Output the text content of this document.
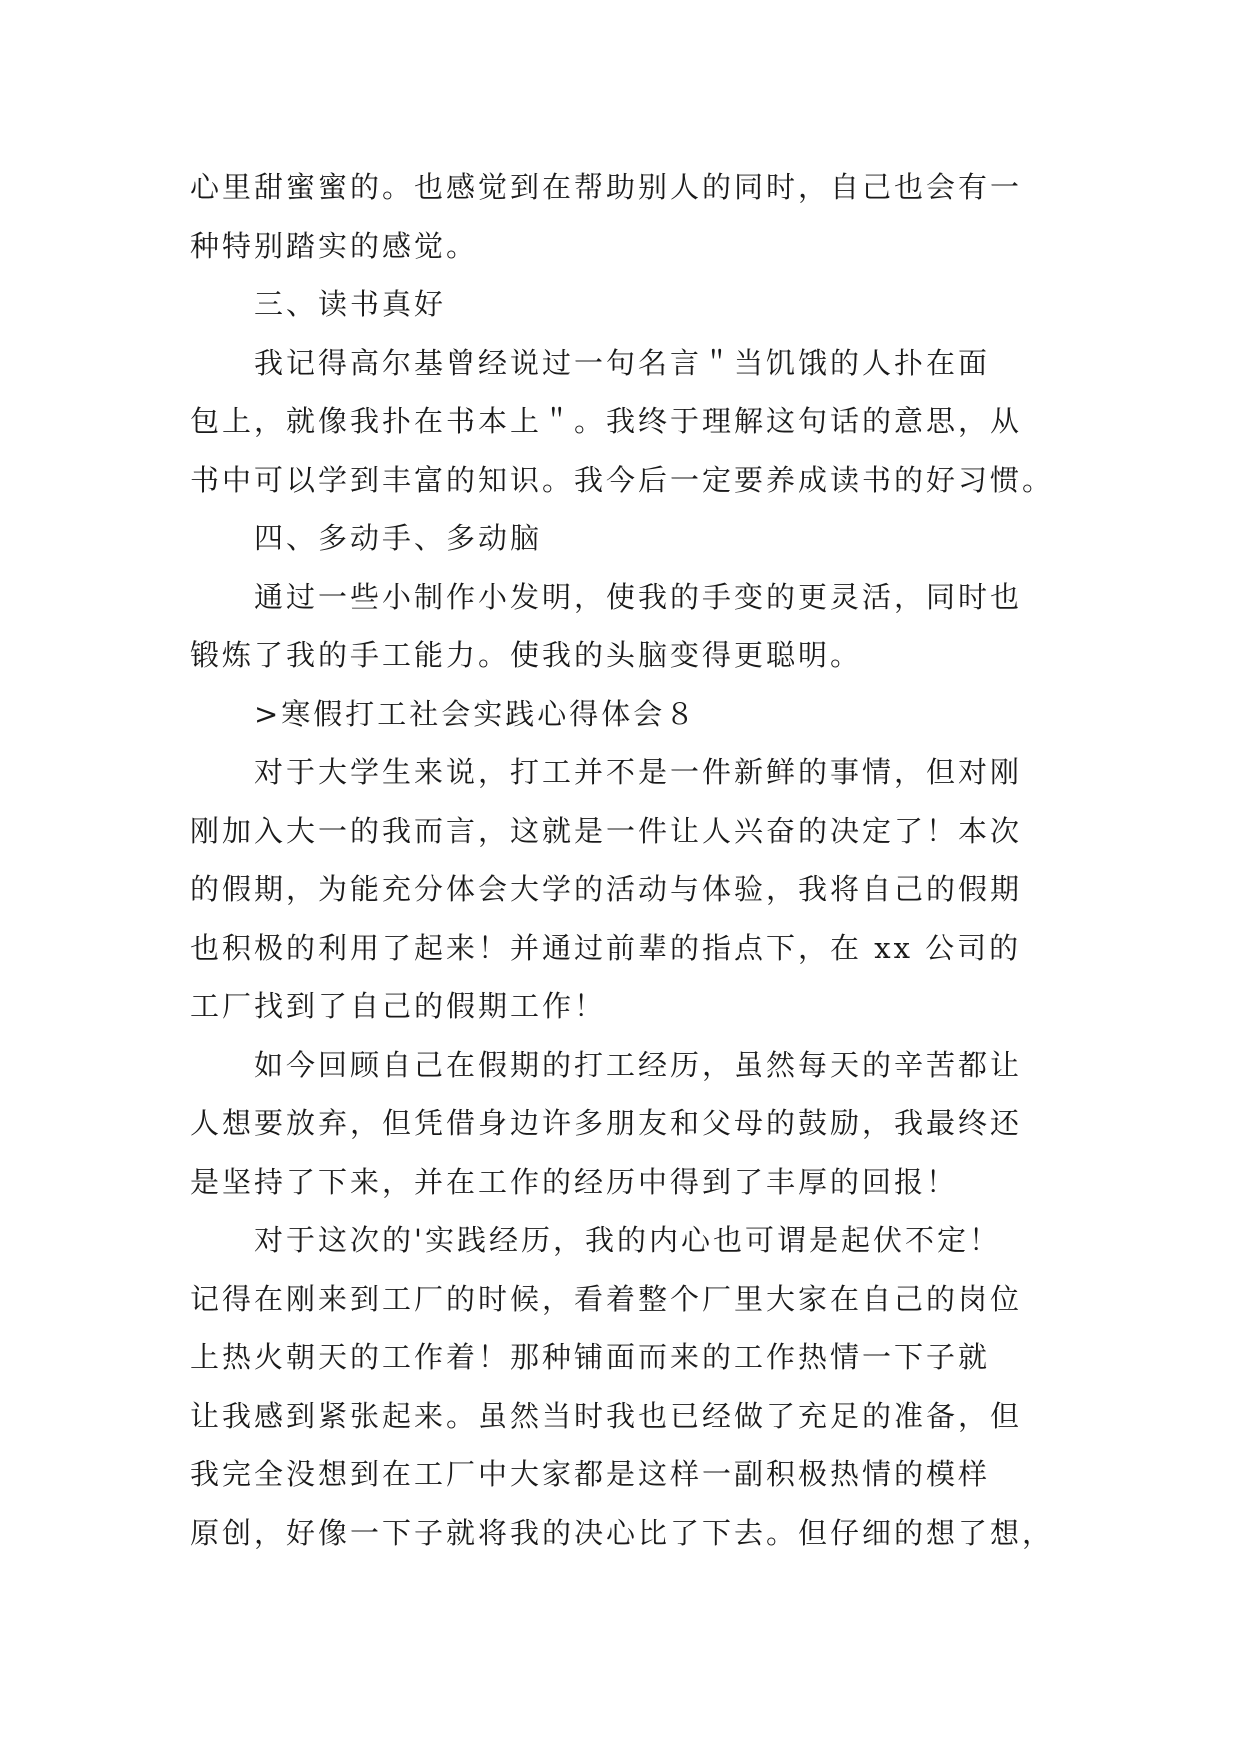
心里甜蜜蜜的。也感觉到在帮助别人的同时，自己也会有一
种特别踏实的感觉。
三、读书真好
我记得高尔基曾经说过一句名言＂当饥饿的人扑在面
包上，就像我扑在书本上＂。我终于理解这句话的意思，从
书中可以学到丰富的知识。我今后一定要养成读书的好习惯。
四、多动手、多动脑
通过一些小制作小发明，使我的手变的更灵活，同时也
锻炼了我的手工能力。使我的头脑变得更聪明。
>寒假打工社会实践心得体会８
对于大学生来说，打工并不是一件新鲜的事情，但对刚
刚加入大一的我而言，这就是一件让人兴奋的决定了！本次
的假期，为能充分体会大学的活动与体验，我将自己的假期
也积极的利用了起来！并通过前辈的指点下，在 xx 公司的
工厂找到了自己的假期工作！
如今回顾自己在假期的打工经历，虽然每天的辛苦都让
人想要放弃，但凭借身边许多朋友和父母的鼓励，我最终还
是坚持了下来，并在工作的经历中得到了丰厚的回报！
对于这次的'实践经历，我的内心也可谓是起伏不定！
记得在刚来到工厂的时候，看着整个厂里大家在自己的岗位
上热火朝天的工作着！那种铺面而来的工作热情一下子就
让我感到紧张起来。虽然当时我也已经做了充足的准备，但
我完全没想到在工厂中大家都是这样一副积极热情的模样
原创，好像一下子就将我的决心比了下去。但仔细的想了想，
